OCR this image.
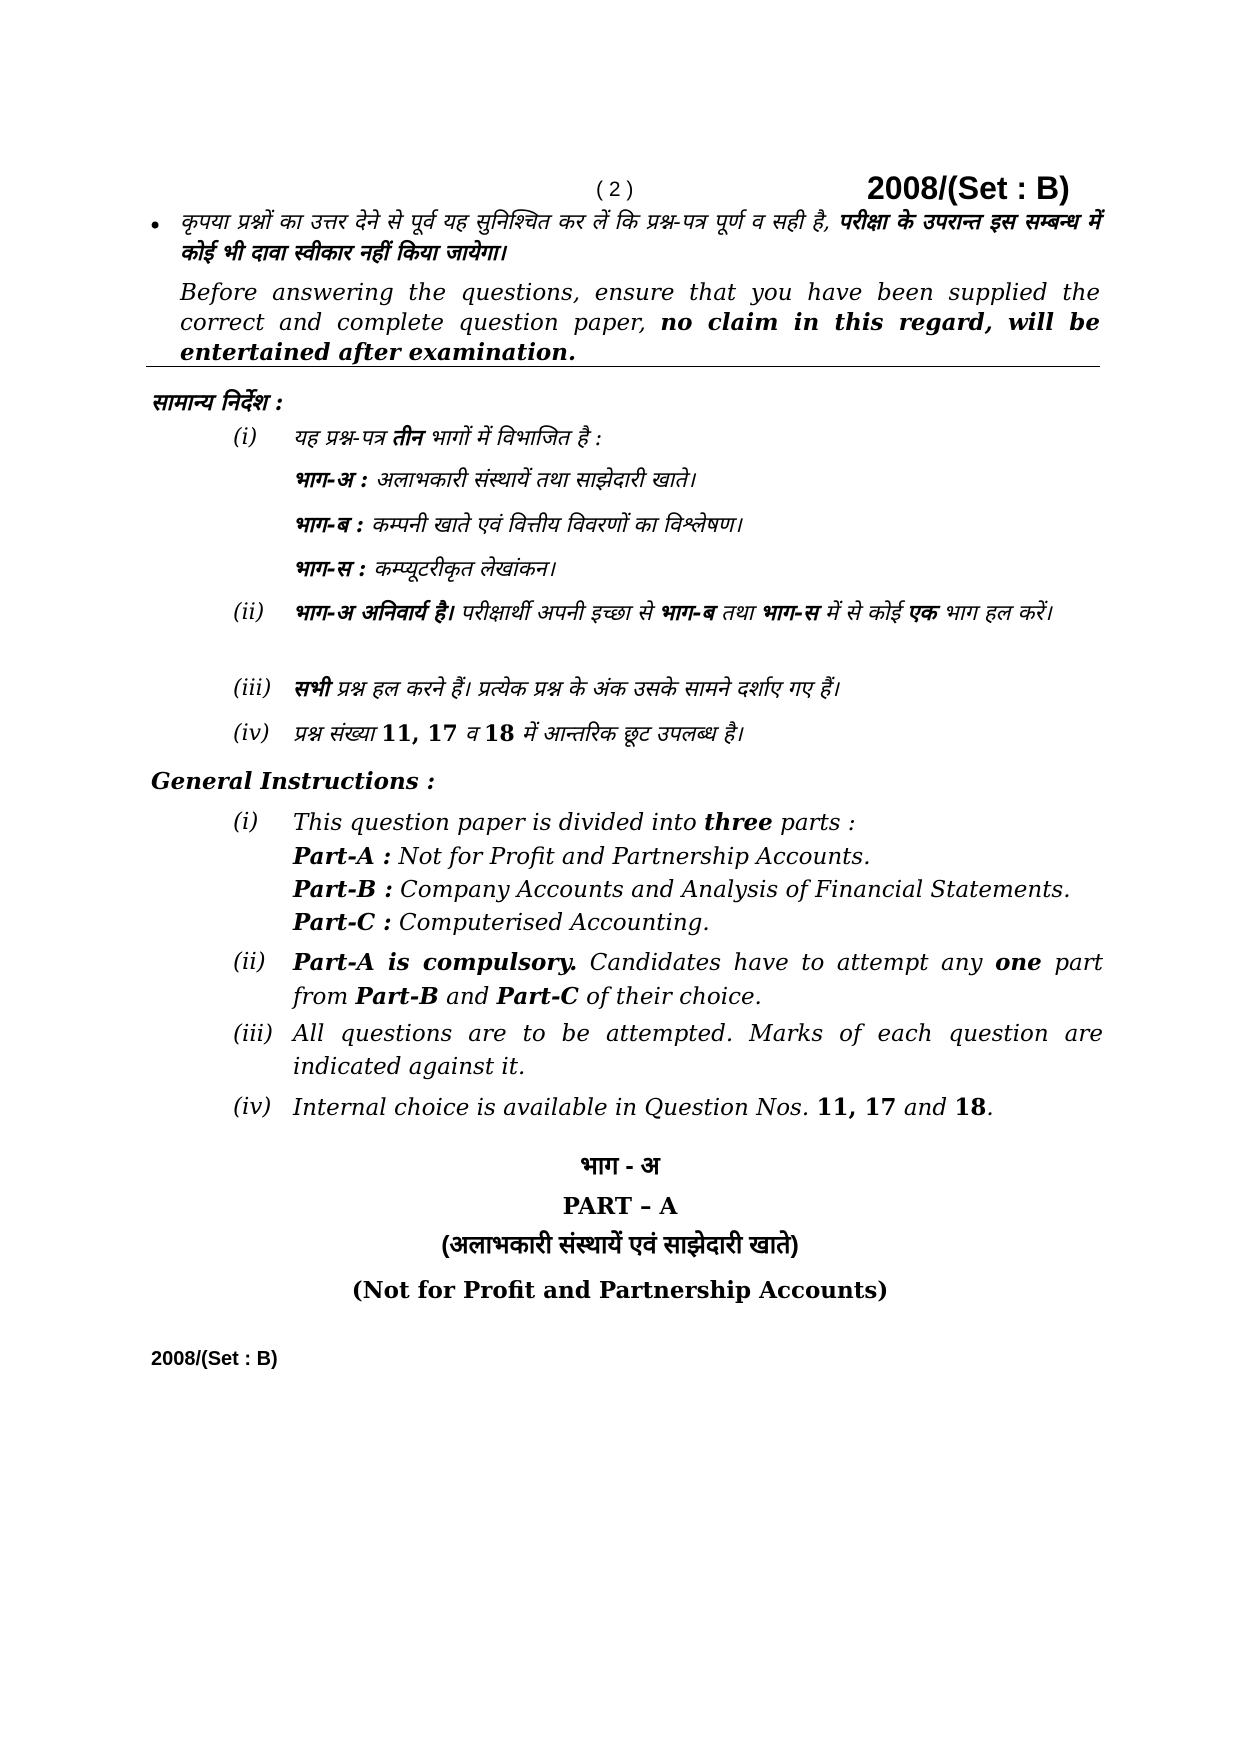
( 2 )	2008/(Set : B)
• कृपया प्रश्नों का उत्तर देने से पूर्व यह सुनिश्चित कर लें कि प्रश्न-पत्र पूर्ण व सही है, परीक्षा के उपरान्त इस सम्बन्ध में कोई भी दावा स्वीकार नहीं किया जायेगा।
Before answering the questions, ensure that you have been supplied the correct and complete question paper, no claim in this regard, will be entertained after examination.
सामान्य निर्देश :
(i)	यह प्रश्न-पत्र तीन भागों में विभाजित है :
भाग-अ : अलाभकारी संस्थायें तथा साझेदारी खाते।
भाग-ब : कम्पनी खाते एवं वित्तीय विवरणों का विश्लेषण।
भाग-स : कम्प्यूटरीकृत लेखांकन।
(ii)	भाग-अ अनिवार्य है। परीक्षार्थी अपनी इच्छा से भाग-ब तथा भाग-स में से कोई एक भाग हल करें।
(iii) सभी प्रश्न हल करने हैं। प्रत्येक प्रश्न के अंक उसके सामने दर्शाए गए हैं।
(iv)	प्रश्न संख्या 11, 17 व 18 में आन्तरिक छूट उपलब्ध है।
General Instructions :
(i)	This question paper is divided into three parts :
Part-A : Not for Profit and Partnership Accounts.
Part-B : Company Accounts and Analysis of Financial Statements.
Part-C : Computerised Accounting.
(ii)	Part-A is compulsory. Candidates have to attempt any one part from Part-B and Part-C of their choice.
(iii) All questions are to be attempted. Marks of each question are indicated against it.
(iv) Internal choice is available in Question Nos. 11, 17 and 18.
भाग - अ
PART – A
(अलाभकारी संस्थायें एवं साझेदारी खाते)
(Not for Profit and Partnership Accounts)
2008/(Set : B)
